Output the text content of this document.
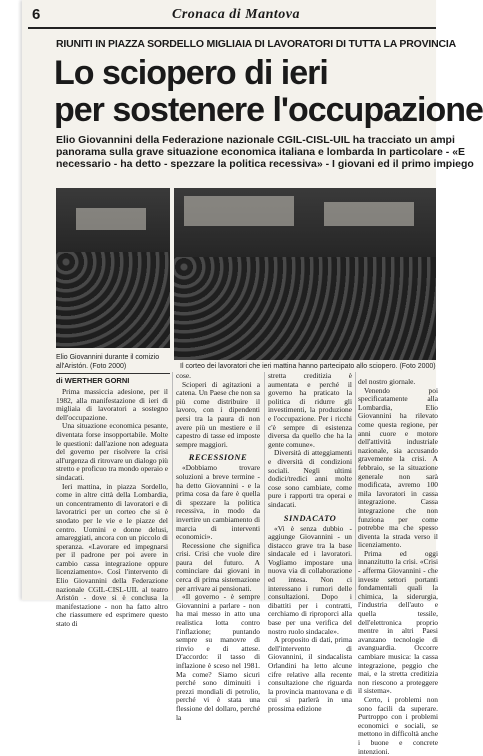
6	Cronaca di Mantova
RIUNITI IN PIAZZA SORDELLO MIGLIAIA DI LAVORATORI DI TUTTA LA PROVINCIA
Lo sciopero di ieri
per sostenere l'occupazione
Elio Giovannini della Federazione nazionale CGIL-CISL-UIL ha tracciato un ampi
panorama sulla grave situazione economica italiana e lombarda In particolare - «E
necessario - ha detto - spezzare la politica recessiva» - I giovani ed il primo impiego
Elio Giovannini durante il comizio all'Aristón. (Foto 2000)	Il corteo dei lavoratori che ieri mattina hanno partecipato allo sciopero. (Foto 2000)
di WERTHER GORNI

Prima massiccia adesione, per il 1982, alla manifestazione di ieri di migliaia di lavoratori a sostegno dell'occupazione.

Una situazione economica pesante, diventata forse insopportabile. Molte le questioni: dall'azione non adeguata del governo per risolvere la crisi all'urgenza di ritrovare un dialogo più stretto e proficuo tra mondo operaio e sindacati.

Ieri mattina, in piazza Sordello, come in altre città della Lombardia, un concentramento di lavoratori e di lavoratrici per un corteo che si è snodato per le vie e le piazze del centro. Uomini e donne delusi, amareggiati, ancora con un piccolo di speranza. «Lavorare ed impegnarsi per il padrone per poi avere in cambio cassa integrazione oppure licenziamento». Così l'intervento di Elio Giovannini della Federazione nazionale CGIL-CISL-UIL al teatro Aristón - dove si è conclusa la manifestazione - non ha fatto altro che riassumere ed esprimere questo stato di

cose.

Scioperi di agitazioni a catena. Un Paese che non sa più come distribuire il lavoro, con i dipendenti persi tra la paura di non avere più un mestiere e il capestro di tasse ed imposte sempre maggiori.

RECESSIONE

«Dobbiamo trovare soluzioni a breve termine - ha detto Giovannini - e la prima cosa da fare è quella di spezzare la politica recessiva, in modo da invertire un cambiamento di marcia di interventi economici».

Recessione che significa crisi. Crisi che vuole dire paura del futuro. A cominciare dai giovani in cerca di prima sistemazione per arrivare ai pensionati.

«Il governo - è sempre Giovannini a parlare - non ha mai messo in atto una realistica lotta contro l'inflazione; puntando sempre su manovre di rinvio e di attese. D'accordo: il tasso di inflazione è sceso nel 1981. Ma come? Siamo sicuri perché sono diminuiti i prezzi mondiali di petrolio, perché vi è stata una flessione del dollaro, perché la

stretta creditizia è aumentata e perché il governo ha praticato la politica di ridurre gli investimenti, la produzione e l'occupazione. Per i ricchi c'è sempre di esistenza diversa da quello che ha la gente comune».

Diversità di atteggiamenti e diversità di condizioni sociali. Negli ultimi dodici/tredici anni molte cose sono cambiate, come pure i rapporti tra operai e sindacati.

SINDACATO

«Vi è senza dubbio - aggiunge Giovannini - un distacco grave tra la base sindacale ed i lavoratori. Vogliamo impostare una nuova via di collaborazione ed intesa. Non ci interessano i rumori delle consultazioni. Dopo i dibattiti per i contratti, cerchiamo di riproporci alla base per una verifica del nostro ruolo sindacale».

A proposito di dati, prima dell'intervento di Giovannini, il sindacalista Orlandini ha letto alcune cifre relative alla recente consultazione che riguarda la provincia mantovana e di cui si parlerà in una prossima edizione

del nostro giornale.

Venendo poi specificatamente alla Lombardia, Elio Giovannini ha rilevato come questa regione, per anni cuore e motore dell'attività industriale nazionale, sia accusando gravemente la crisi. A febbraio, se la situazione generale non sarà modificata, avremo 100 mila lavoratori in cassa integrazione. Cassa integrazione che non funziona per come potrebbe ma che spesso diventa la strada verso il licenziamento.

Prima ed oggi innanzitutto la crisi. «Crisi - afferma Giovannini - che investe settori portanti fondamentali quali la chimica, la siderurgia, l'industria dell'auto e quella tessile, dell'elettronica proprio mentre in altri Paesi avanzano tecnologie di avanguardia. Occorre cambiare musica: la cassa integrazione, peggio che mai, e la stretta creditizia non riescono a proteggere il sistema».

Certo, i problemi non sono facili da superare. Purtroppo con i problemi economici e sociali, se mettono in difficoltà anche i buone e concrete intenzioni.
